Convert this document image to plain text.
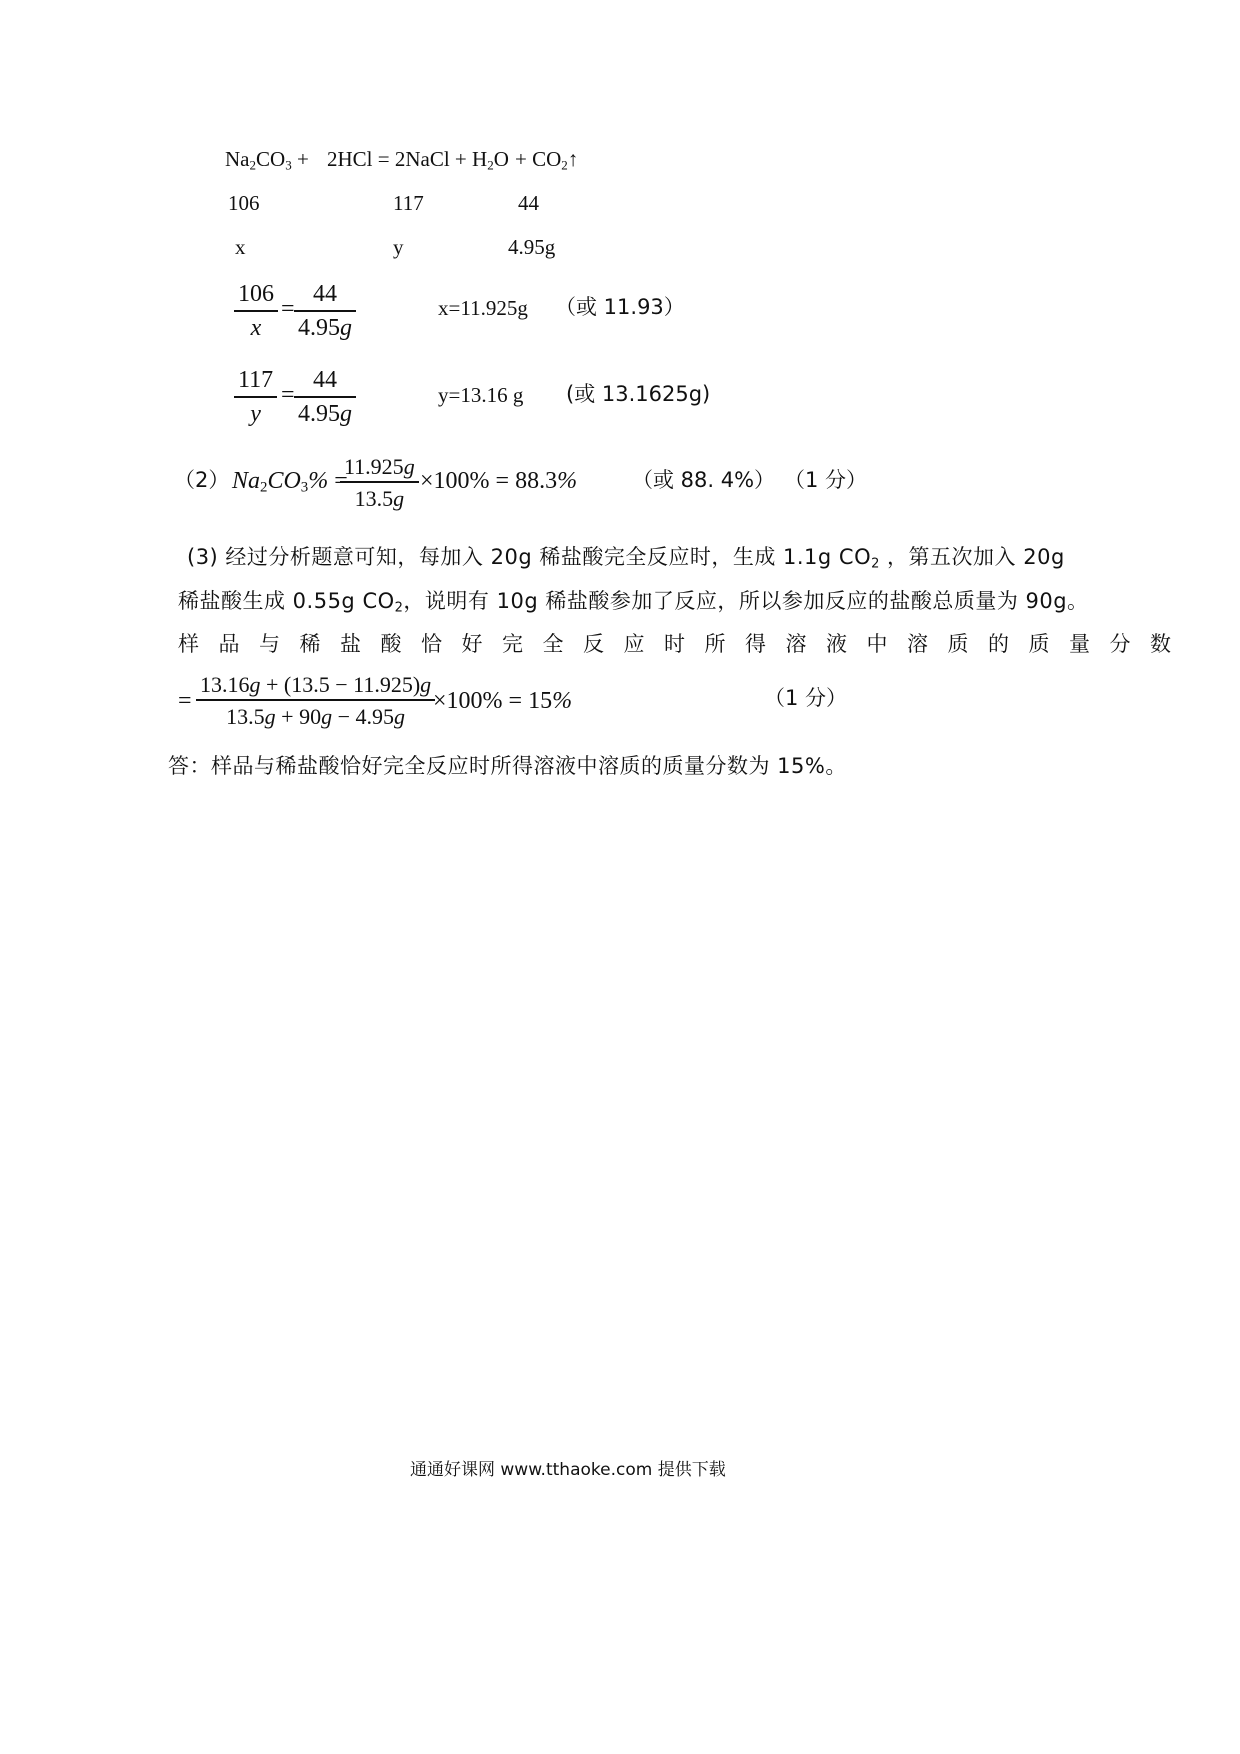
$Na_2CO_3 + 2HCl$ = 2NaCl + $H_2O$ + $CO_2↑$
106	117	44
x	y	4.95g
$\frac{106}{x} = \frac{44}{4.95g}$	x=11.925g （或 11.93）
$\frac{117}{y} = \frac{44}{4.95g}$	y=13.16 g (或 13.1625g)
（2） $Na_2CO_3\%$ =
$\frac{11.925g}{13.5g} \times 100\% = 88.3\%$	（或 88. 4%） （1 分）
(3) 经过分析题意可知，每加入 20g 稀盐酸完全反应时，生成 1.1g $CO_2$ ，第五次加入 20g
稀盐酸生成 0.55g $CO_2$，说明有 10g 稀盐酸参加了反应，所以参加反应的盐酸总质量为 90g。
样品与稀盐酸恰好完全反应时所得溶液中溶质的质量分数
= $\frac{13.16g + (13.5 - 11.925)g}{13.5g + 90g - 4.95g}$
×100% = 15%	（1 分）
答：样品与稀盐酸恰好完全反应时所得溶液中溶质的质量分数为 15%。
通通好课网 www.tthaoke.com 提供下载
